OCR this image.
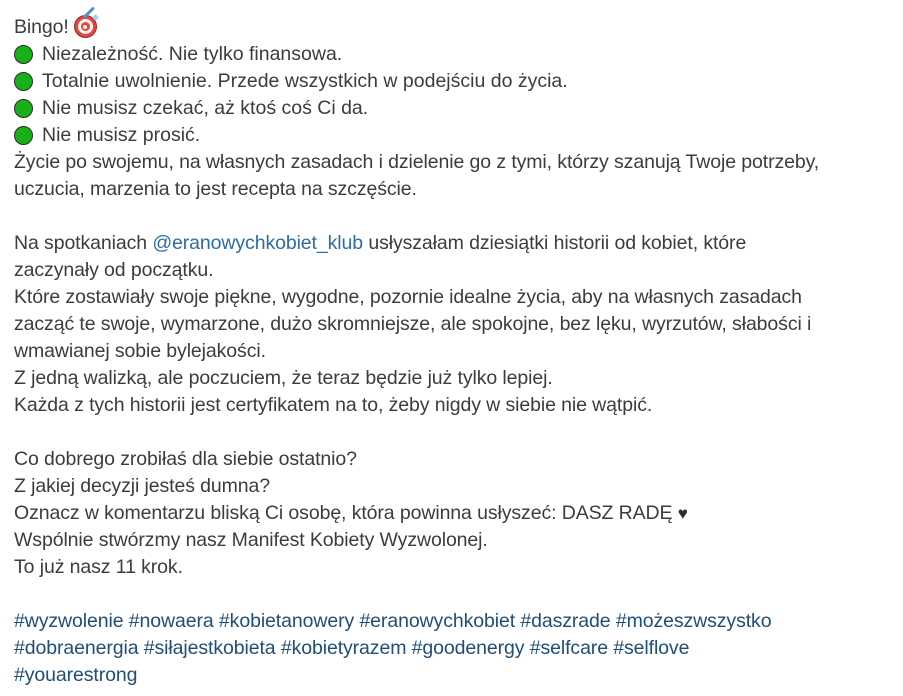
Bingo!
Niezależność. Nie tylko finansowa.
Totalnie uwolnienie. Przede wszystkich w podejściu do życia.
Nie musisz czekać, aż ktoś coś Ci da.
Nie musisz prosić.
Życie po swojemu, na własnych zasadach i dzielenie go z tymi, którzy szanują Twoje potrzeby,
uczucia, marzenia to jest recepta na szczęście.

Na spotkaniach @eranowychkobiet_klub usłyszałam dziesiątki historii od kobiet, które
zaczynały od początku.
Które zostawiały swoje piękne, wygodne, pozornie idealne życia, aby na własnych zasadach
zacząć te swoje, wymarzone, dużo skromniejsze, ale spokojne, bez lęku, wyrzutów, słabości i
wmawianej sobie bylejakości.
Z jedną walizką, ale poczuciem, że teraz będzie już tylko lepiej.
Każda z tych historii jest certyfikatem na to, żeby nigdy w siebie nie wątpić.

Co dobrego zrobiłaś dla siebie ostatnio?
Z jakiej decyzji jesteś dumna?
Oznacz w komentarzu bliską Ci osobę, która powinna usłyszeć: DASZ RADĘ ♥
Wspólnie stwórzmy nasz Manifest Kobiety Wyzwolonej.
To już nasz 11 krok.

#wyzwolenie #nowaera #kobietanowery #eranowychkobiet #daszrade #możeszwszystko
#dobraenergia #siłajestkobieta #kobietyrazem #goodenergy #selfcare #selflove
#youarestrong
